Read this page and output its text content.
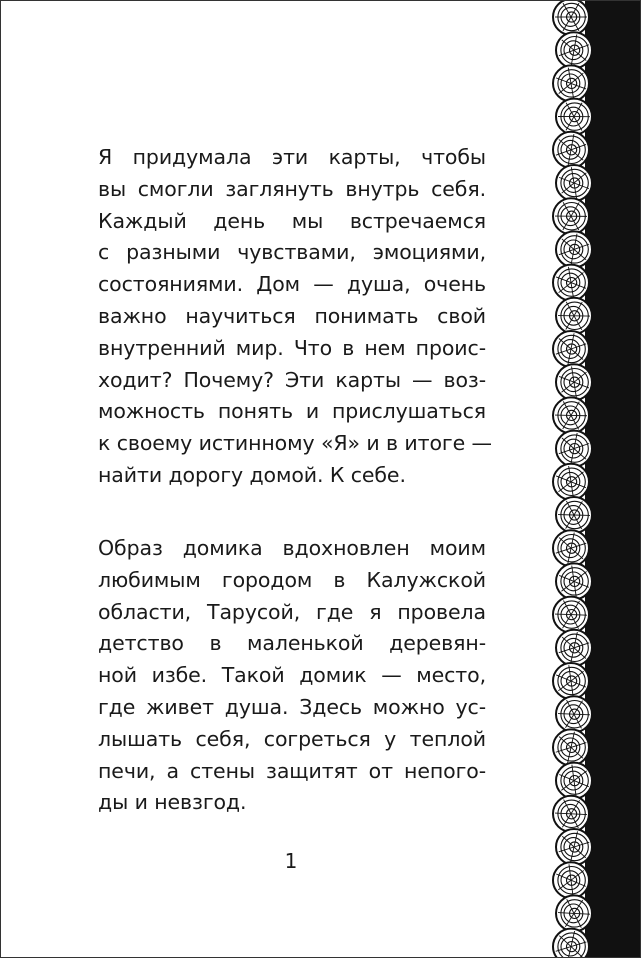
Я придумала эти карты, чтобы
вы смогли заглянуть внутрь себя.
Каждый день мы встречаемся
с разными чувствами, эмоциями,
состояниями. Дом — душа, очень
важно научиться понимать свой
внутренний мир. Что в нем проис-
ходит? Почему? Эти карты — воз-
можность понять и прислушаться
к своему истинному «Я» и в итоге —
найти дорогу домой. К себе.
Образ домика вдохновлен моим
любимым городом в Калужской
области, Тарусой, где я провела
детство в маленькой деревян-
ной избе. Такой домик — место,
где живет душа. Здесь можно ус-
лышать себя, согреться у теплой
печи, а стены защитят от непого-
ды и невзгод.
1
